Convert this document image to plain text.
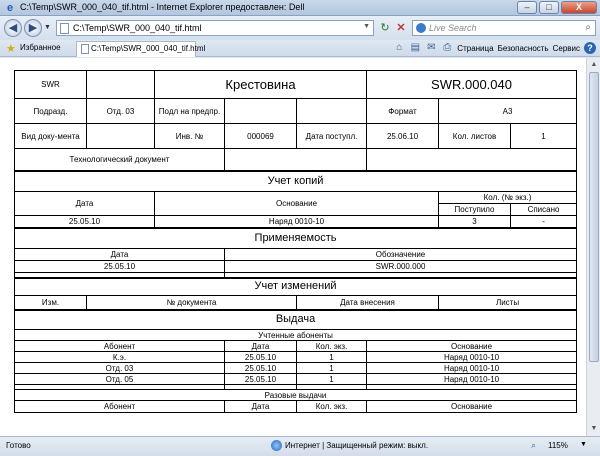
e C:\Temp\SWR_000_040_tif.html - Internet Explorer предоставлен: Dell	–	□	X
◀	▶ ▼ C:\Temp\SWR_000_040_tif.html	▼ ↻ ✕	Live Search	⌕
★ Избранное	C:\Temp\SWR_000_040_tif.html	⌂ ▤ ✉ ⎙ Страница Безопасность Сервис ?
SWR		Крестовина			SWR.000.040		
Подразд.	Отд. 03	Подл на предпр.			Формат	А3	
Вид доку-мента		Инв. №	000069	Дата поступл.	25.06.10	Кол. листов	1
Технологический документ							
Учет копий							
Дата		Основание				Кол. (№ экз.)	
						Поступило	Списано
25.05.10		Наряд 0010-10				3	-
Применяемость							
Дата			Обозначение				
25.05.10			SWR.000.000				

Учет изменений							
Изм.	№ документа			Дата внесения		Листы	
Выдача							
Учтенные абоненты							
Абонент			Дата	Кол. экз.	Основание		
К.э.			25.05.10	1	Наряд 0010-10		
Отд. 03			25.05.10	1	Наряд 0010-10		
Отд. 05			25.05.10	1	Наряд 0010-10		

Разовые выдачи							
Абонент			Дата	Кол. экз.	Основание		
▲
▼
Готово	Интернет | Защищенный режим: выкл.	⌕	115% ▼
